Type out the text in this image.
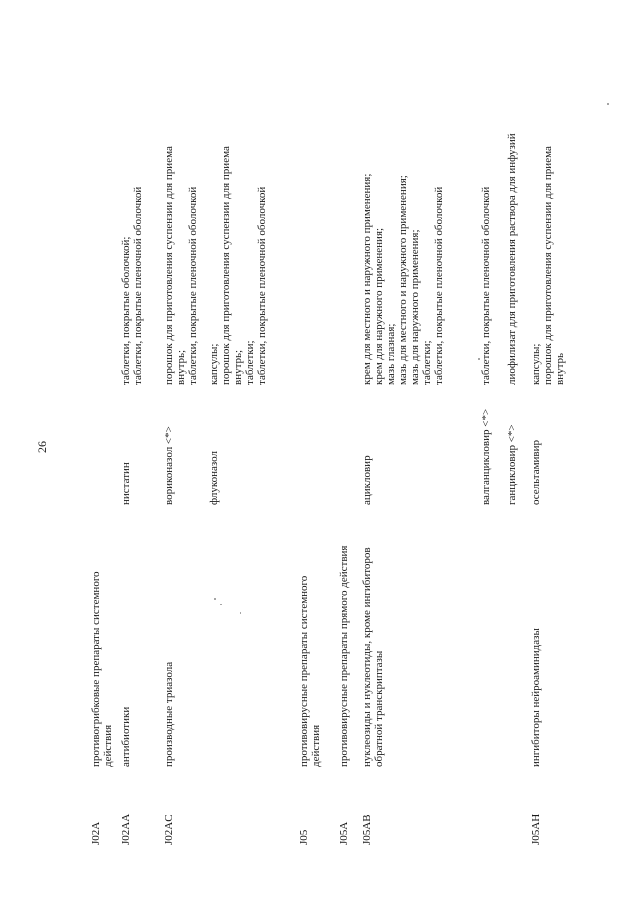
26
J02A
противогрибковые препараты системного действия
J02AA
антибиотики
нистатин
таблетки, покрытые оболочкой; таблетки, покрытые пленочной оболочкой
J02AC
производные триазола
вориконазол <*>
порошок для приготовления суспензии для приема внутрь; таблетки, покрытые пленочной оболочкой
флуконазол
капсулы; порошок для приготовления суспензии для приема внутрь; таблетки; таблетки, покрытые пленочной оболочкой
J05
противовирусные препараты системного действия
J05A
противовирусные препараты прямого действия
J05AB
нуклеозиды и нуклеотиды, кроме ингибиторов обратной транскриптазы
ацикловир
крем для местного и наружного применения; крем для наружного применения; мазь глазная; мазь для местного и наружного применения; мазь для наружного применения; таблетки; таблетки, покрытые пленочной оболочкой
валганцикловир <*>
таблетки, покрытые пленочной оболочкой
ганцикловир <*>
лиофилизат для приготовления раствора для инфузий
J05AH
ингибиторы нейроаминидазы
осельтамивир
капсулы; порошок для приготовления суспензии для приема внутрь
